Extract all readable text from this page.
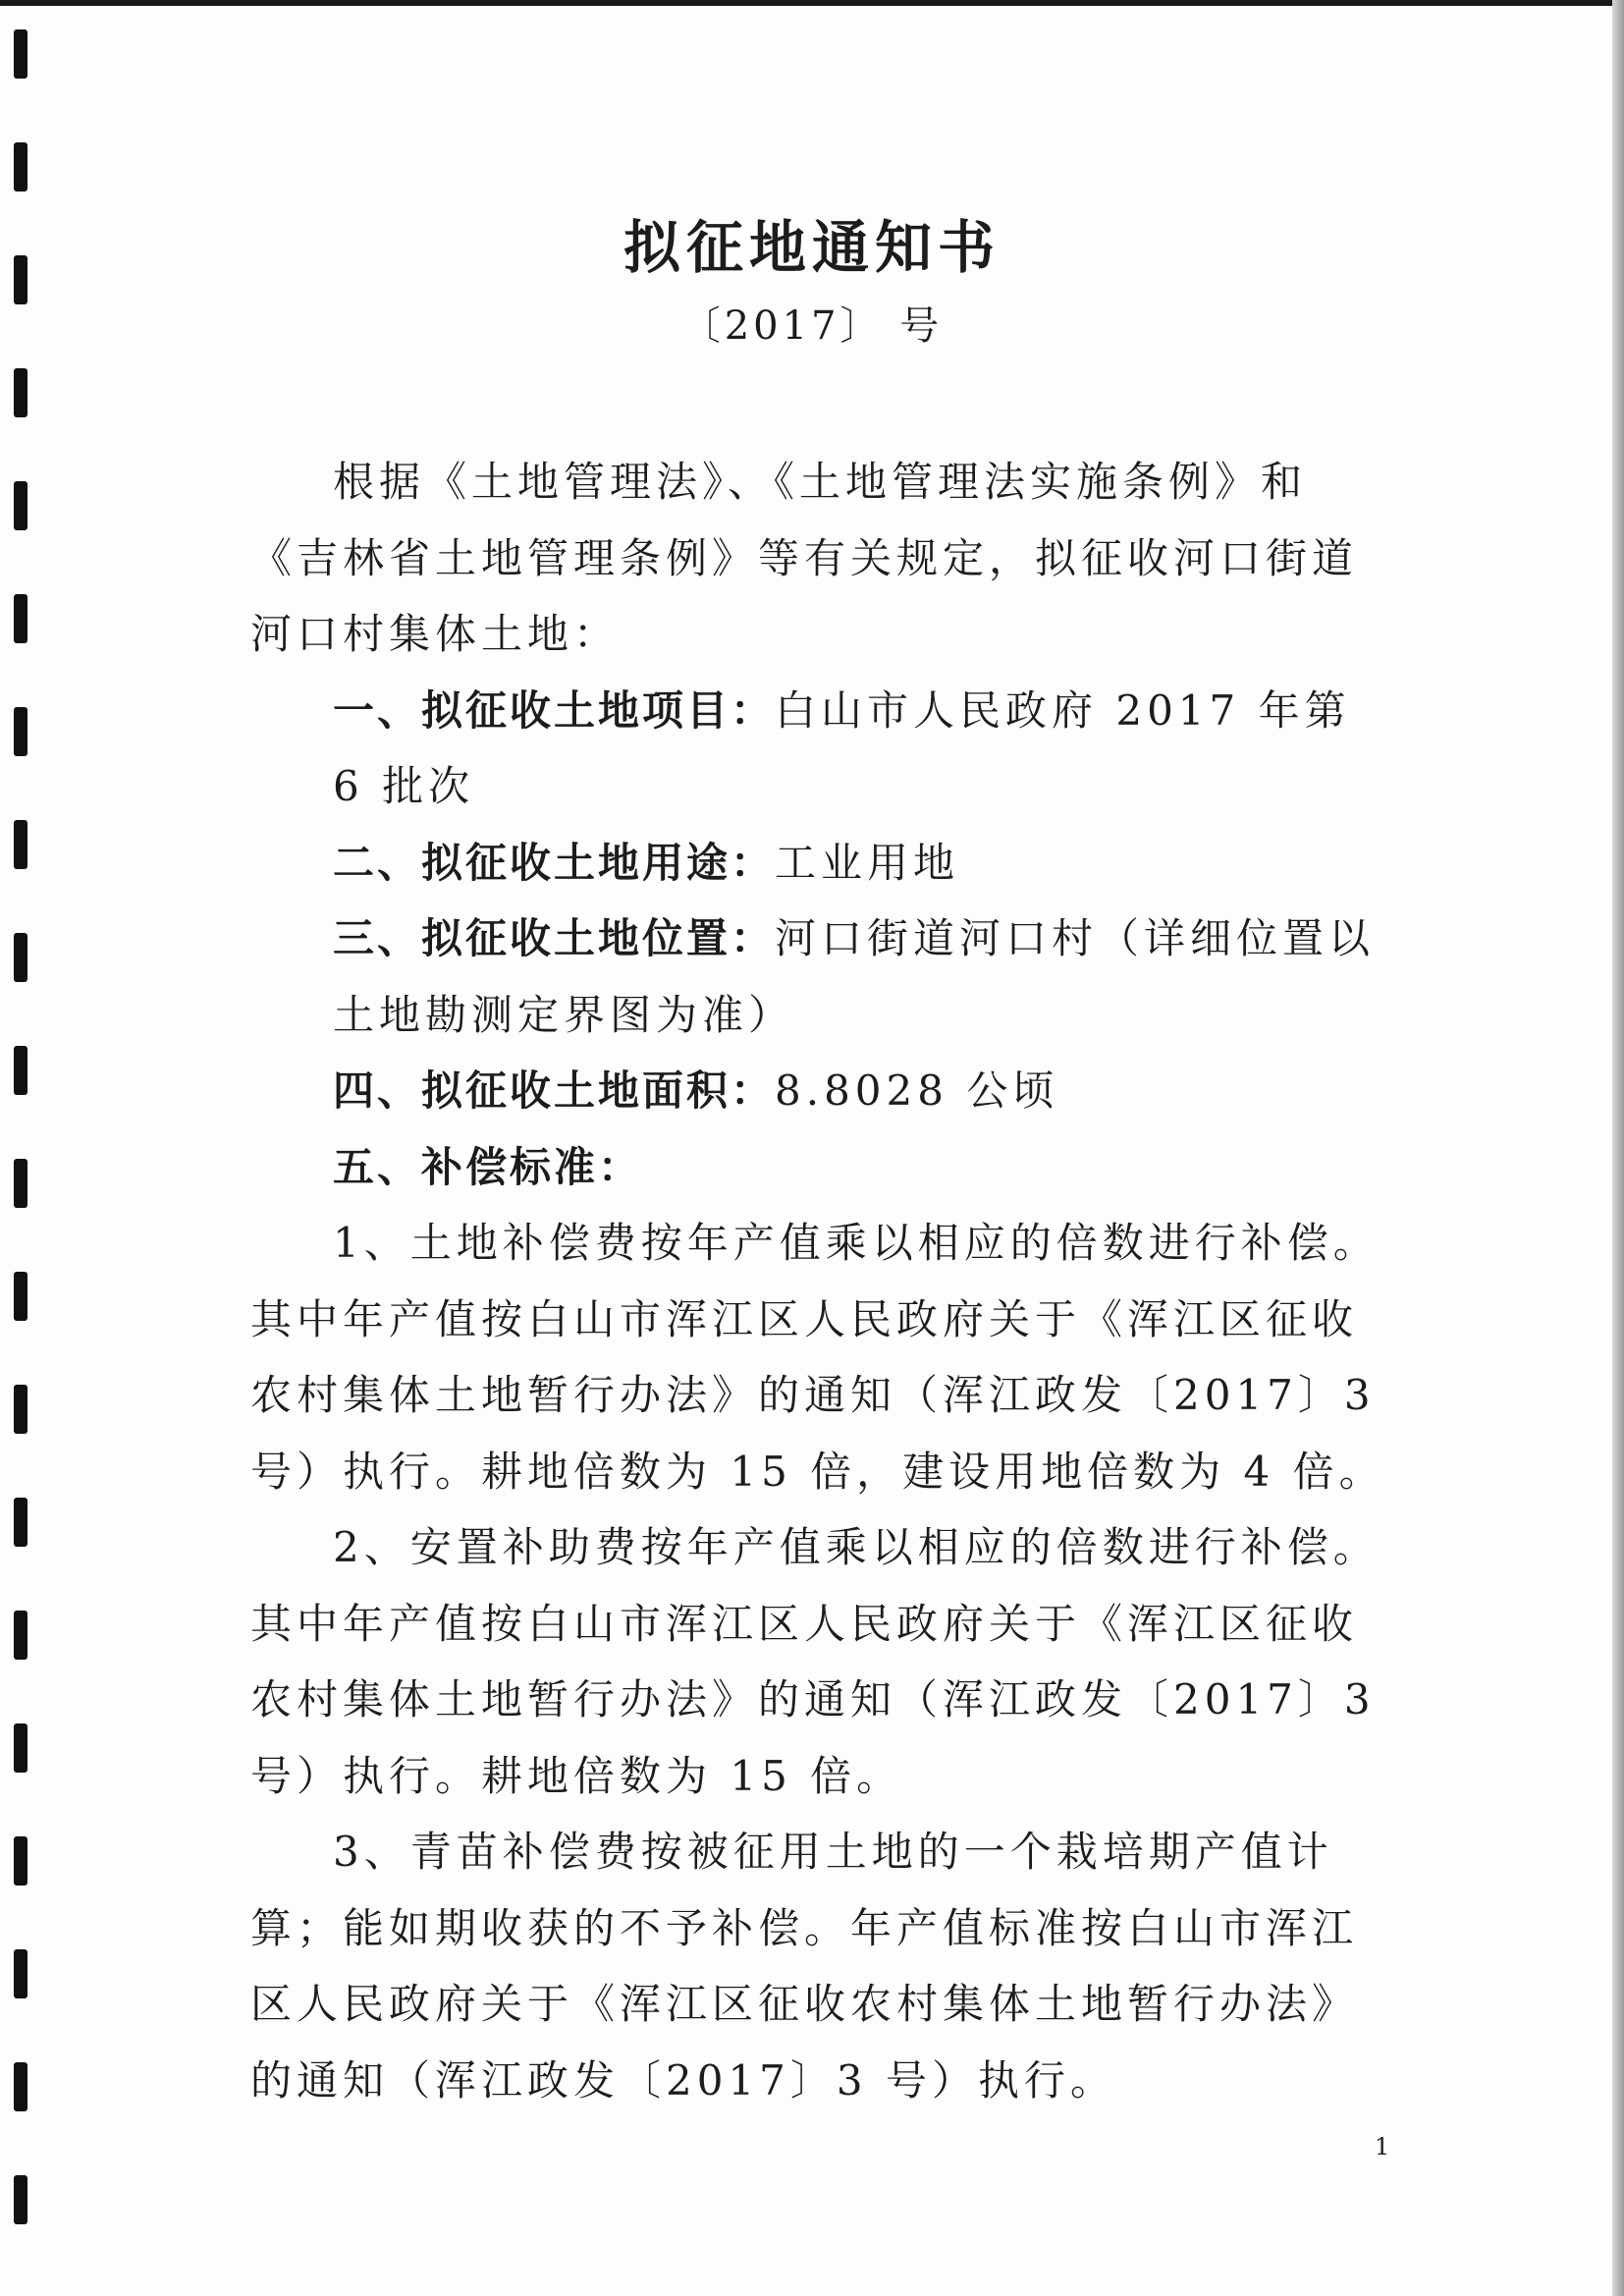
拟征地通知书
〔2017〕 号

根据《土地管理法》、《土地管理法实施条例》和《吉林省土地管理条例》等有关规定，拟征收河口街道河口村集体土地：

一、拟征收土地项目：白山市人民政府 2017 年第 6 批次

二、拟征收土地用途：工业用地

三、拟征收土地位置：河口街道河口村（详细位置以土地勘测定界图为准）

四、拟征收土地面积：8.8028 公顷

五、补偿标准：

1、土地补偿费按年产值乘以相应的倍数进行补偿。其中年产值按白山市浑江区人民政府关于《浑江区征收农村集体土地暂行办法》的通知（浑江政发〔2017〕3 号）执行。耕地倍数为 15 倍，建设用地倍数为 4 倍。

2、安置补助费按年产值乘以相应的倍数进行补偿。其中年产值按白山市浑江区人民政府关于《浑江区征收农村集体土地暂行办法》的通知（浑江政发〔2017〕3 号）执行。耕地倍数为 15 倍。

3、青苗补偿费按被征用土地的一个栽培期产值计算；能如期收获的不予补偿。年产值标准按白山市浑江区人民政府关于《浑江区征收农村集体土地暂行办法》的通知（浑江政发〔2017〕3 号）执行。

1
